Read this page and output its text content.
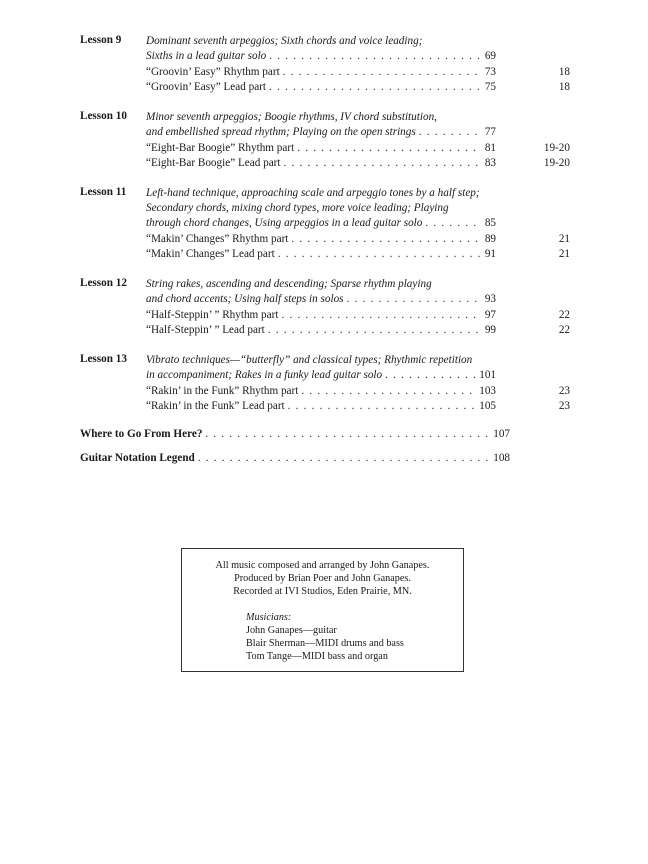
Lesson 9 Dominant seventh arpeggios; Sixth chords and voice leading;
Sixths in a lead guitar solo . . .	69
“Groovin’ Easy” Rhythm part . . .	73	18
“Groovin’ Easy” Lead part . . .	75	18
Lesson 10 Minor seventh arpeggios; Boogie rhythms, IV chord substitution,
and embellished spread rhythm; Playing on the open strings . . .	77
“Eight-Bar Boogie” Rhythm part . . .	81	19-20
“Eight-Bar Boogie” Lead part . . .	83	19-20
Lesson 11 Left-hand technique, approaching scale and arpeggio tones by a half step;
Secondary chords, mixing chord types, more voice leading; Playing
through chord changes, Using arpeggios in a lead guitar solo . . .	85
“Makin’ Changes” Rhythm part . . .	89	21
“Makin’ Changes” Lead part . . .	91	21
Lesson 12 String rakes, ascending and descending; Sparse rhythm playing
and chord accents; Using half steps in solos . . .	93
“Half-Steppin’ ” Rhythm part . . .	97	22
“Half-Steppin’ ” Lead part . . .	99	22
Lesson 13 Vibrato techniques—“butterfly” and classical types; Rhythmic repetition
in accompaniment; Rakes in a funky lead guitar solo . . .	101
“Rakin’ in the Funk” Rhythm part . . .	103	23
“Rakin’ in the Funk” Lead part . . .	105	23
Where to Go From Here? . . .	107
Guitar Notation Legend . . .	108
All music composed and arranged by John Ganapes.
Produced by Brian Poer and John Ganapes.
Recorded at IVI Studios, Eden Prairie, MN.
Musicians:
John Ganapes—guitar
Blair Sherman—MIDI drums and bass
Tom Tange—MIDI bass and organ
